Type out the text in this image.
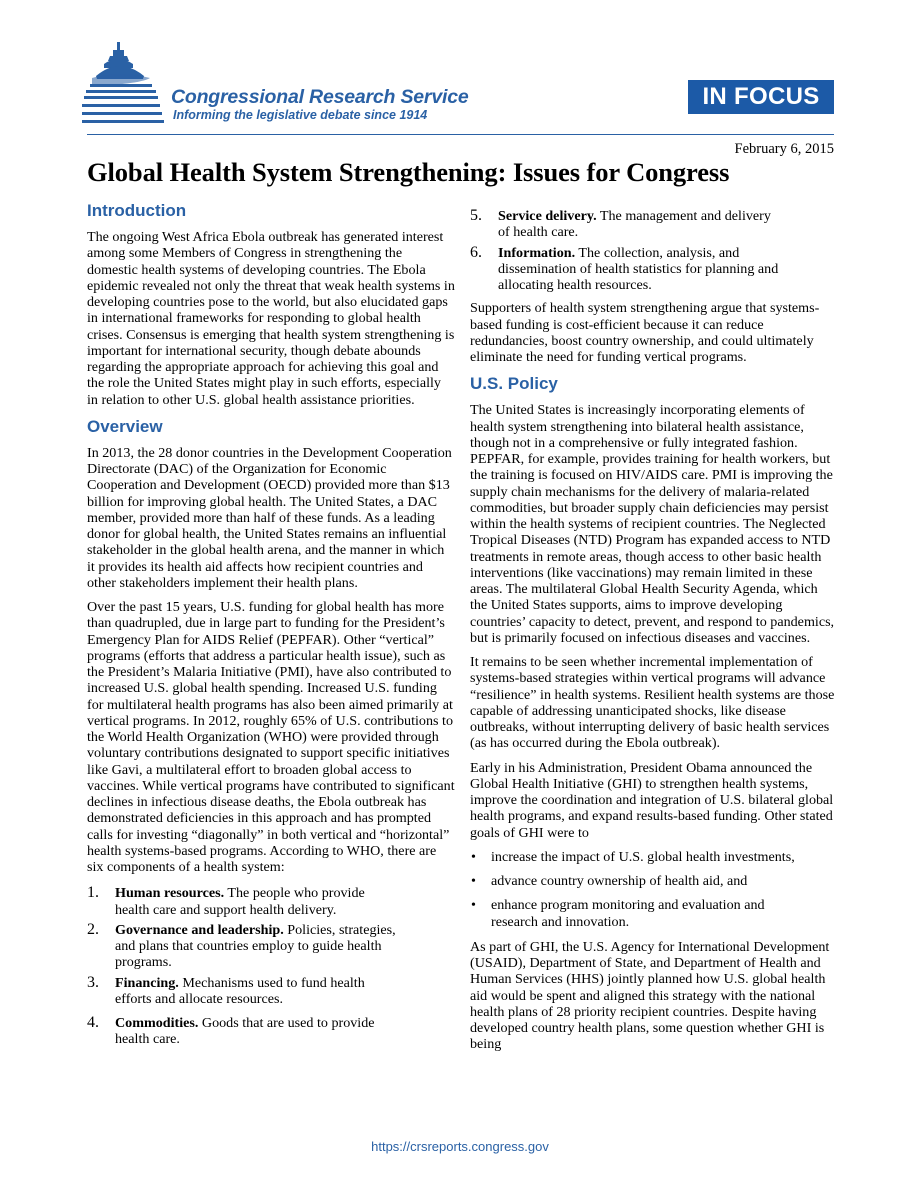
Congressional Research Service

Informing the legislative debate since 1914

IN FOCUS
February 6, 2015
Global Health System Strengthening: Issues for Congress
Introduction

The ongoing West Africa Ebola outbreak has generated interest among some Members of Congress in strengthening the domestic health systems of developing countries. The Ebola epidemic revealed not only the threat that weak health systems in developing countries pose to the world, but also elucidated gaps in international frameworks for responding to global health crises. Consensus is emerging that health system strengthening is important for international security, though debate abounds regarding the appropriate approach for achieving this goal and the role the United States might play in such efforts, especially in relation to other U.S. global health assistance priorities.

Overview

In 2013, the 28 donor countries in the Development Cooperation Directorate (DAC) of the Organization for Economic Cooperation and Development (OECD) provided more than $13 billion for improving global health. The United States, a DAC member, provided more than half of these funds. As a leading donor for global health, the United States remains an influential stakeholder in the global health arena, and the manner in which it provides its health aid affects how recipient countries and other stakeholders implement their health plans.

Over the past 15 years, U.S. funding for global health has more than quadrupled, due in large part to funding for the President’s Emergency Plan for AIDS Relief (PEPFAR). Other “vertical” programs (efforts that address a particular health issue), such as the President’s Malaria Initiative (PMI), have also contributed to increased U.S. global health spending. Increased U.S. funding for multilateral health programs has also been aimed primarily at vertical programs. In 2012, roughly 65% of U.S. contributions to the World Health Organization (WHO) were provided through voluntary contributions designated to support specific initiatives like Gavi, a multilateral effort to broaden global access to vaccines. While vertical programs have contributed to significant declines in infectious disease deaths, the Ebola outbreak has demonstrated deficiencies in this approach and has prompted calls for investing “diagonally” in both vertical and “horizontal” health systems-based programs. According to WHO, there are six components of a health system:

1. Human resources. The people who provide health care and support health delivery.
2. Governance and leadership. Policies, strategies, and plans that countries employ to guide health programs.
3. Financing. Mechanisms used to fund health efforts and allocate resources.
4. Commodities. Goods that are used to provide health care.
5. Service delivery. The management and delivery of health care.
6. Information. The collection, analysis, and dissemination of health statistics for planning and allocating health resources.

Supporters of health system strengthening argue that systems-based funding is cost-efficient because it can reduce redundancies, boost country ownership, and could ultimately eliminate the need for funding vertical programs.

U.S. Policy

The United States is increasingly incorporating elements of health system strengthening into bilateral health assistance, though not in a comprehensive or fully integrated fashion. PEPFAR, for example, provides training for health workers, but the training is focused on HIV/AIDS care. PMI is improving the supply chain mechanisms for the delivery of malaria-related commodities, but broader supply chain deficiencies may persist within the health systems of recipient countries. The Neglected Tropical Diseases (NTD) Program has expanded access to NTD treatments in remote areas, though access to other basic health interventions (like vaccinations) may remain limited in these areas. The multilateral Global Health Security Agenda, which the United States supports, aims to improve developing countries’ capacity to detect, prevent, and respond to pandemics, but is primarily focused on infectious diseases and vaccines.

It remains to be seen whether incremental implementation of systems-based strategies within vertical programs will advance “resilience” in health systems. Resilient health systems are those capable of addressing unanticipated shocks, like disease outbreaks, without interrupting delivery of basic health services (as has occurred during the Ebola outbreak).

Early in his Administration, President Obama announced the Global Health Initiative (GHI) to strengthen health systems, improve the coordination and integration of U.S. bilateral global health programs, and expand results-based funding. Other stated goals of GHI were to

• increase the impact of U.S. global health investments,
• advance country ownership of health aid, and
• enhance program monitoring and evaluation and research and innovation.

As part of GHI, the U.S. Agency for International Development (USAID), Department of State, and Department of Health and Human Services (HHS) jointly planned how U.S. global health aid would be spent and aligned this strategy with the national health plans of 28 priority recipient countries. Despite having developed country health plans, some question whether GHI is being

https://crsreports.congress.gov
